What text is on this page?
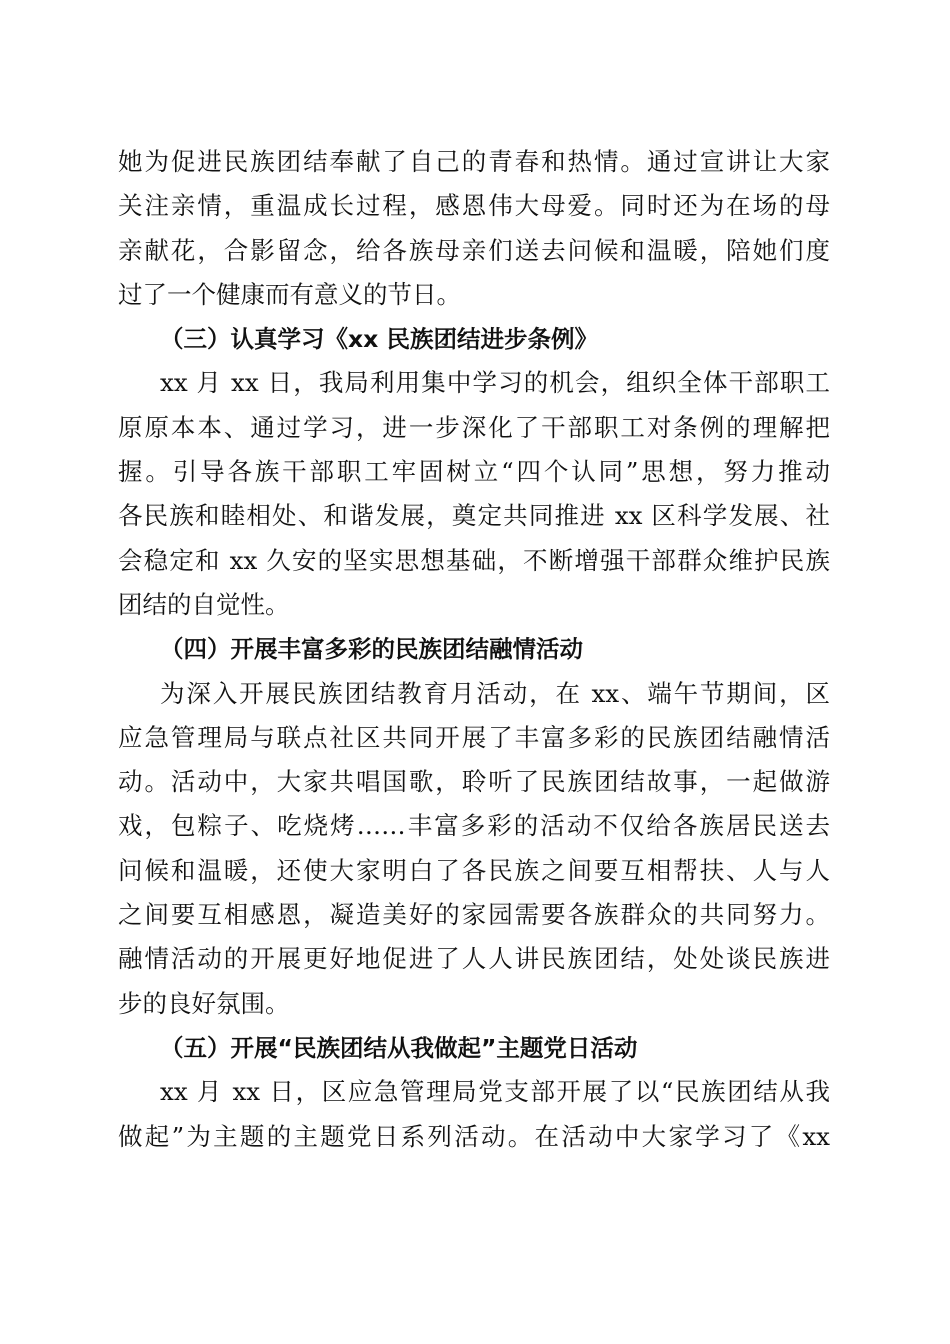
她为促进民族团结奉献了自己的青春和热情。通过宣讲让大家
关注亲情，重温成长过程，感恩伟大母爱。同时还为在场的母
亲献花，合影留念，给各族母亲们送去问候和温暖，陪她们度
过了一个健康而有意义的节日。
（三）认真学习《xx 民族团结进步条例》
xx 月 xx 日，我局利用集中学习的机会，组织全体干部职工
原原本本、通过学习，进一步深化了干部职工对条例的理解把
握。引导各族干部职工牢固树立“四个认同”思想，努力推动
各民族和睦相处、和谐发展，奠定共同推进 xx 区科学发展、社
会稳定和 xx 久安的坚实思想基础，不断增强干部群众维护民族
团结的自觉性。
（四）开展丰富多彩的民族团结融情活动
为深入开展民族团结教育月活动，在 xx、端午节期间，区
应急管理局与联点社区共同开展了丰富多彩的民族团结融情活
动。活动中，大家共唱国歌，聆听了民族团结故事，一起做游
戏，包粽子、吃烧烤……丰富多彩的活动不仅给各族居民送去
问候和温暖，还使大家明白了各民族之间要互相帮扶、人与人
之间要互相感恩，凝造美好的家园需要各族群众的共同努力。
融情活动的开展更好地促进了人人讲民族团结，处处谈民族进
步的良好氛围。
（五）开展“民族团结从我做起”主题党日活动
xx 月 xx 日，区应急管理局党支部开展了以“民族团结从我
做起”为主题的主题党日系列活动。在活动中大家学习了《xx
